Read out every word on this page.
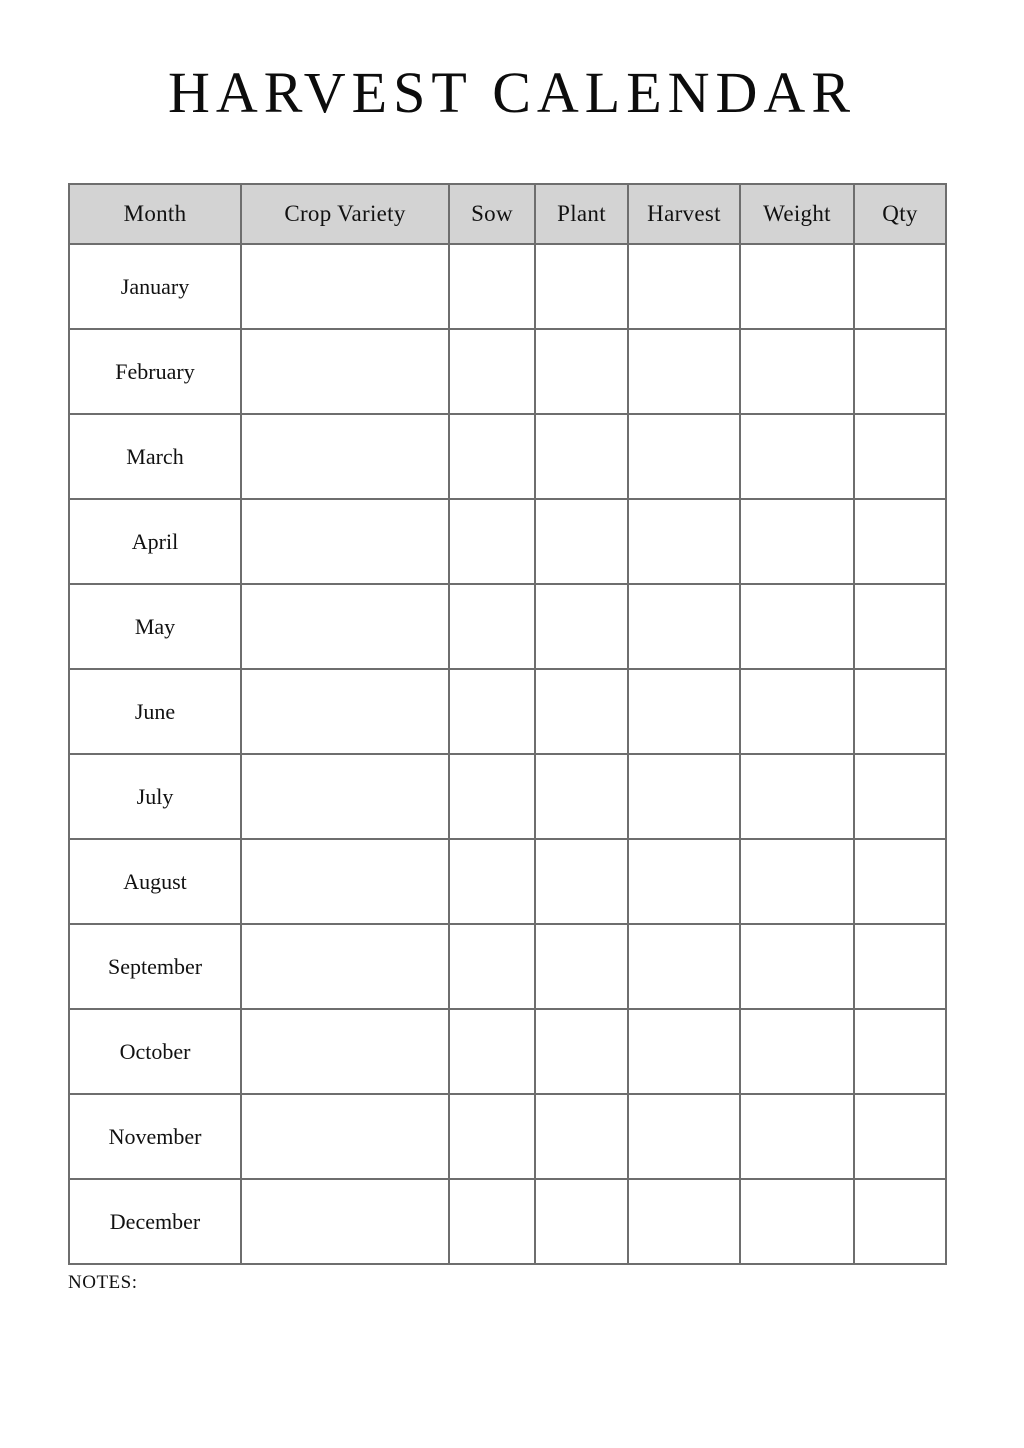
HARVEST CALENDAR
Month	Crop Variety	Sow	Plant	Harvest	Weight	Qty
January						
February						
March						
April						
May						
June						
July						
August						
September						
October						
November						
December						
NOTES:
